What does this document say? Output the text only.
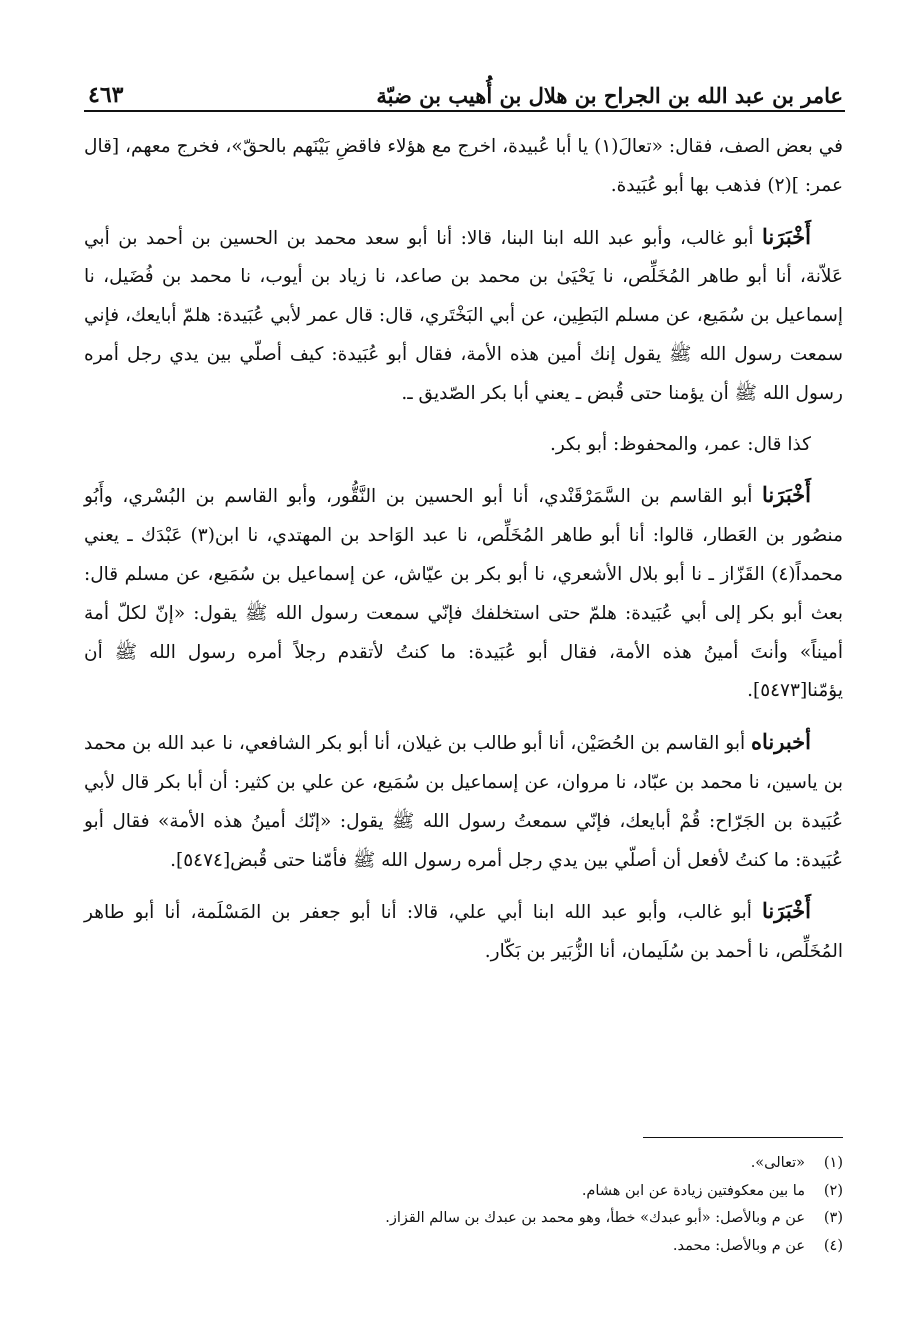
عامر بن عبد الله بن الجراح بن هلال بن أُهيب بن ضبّة
٤٦٣

في بعض الصف، فقال: «تعالَ(١) يا أبا عُبيدة، اخرج مع هؤلاء فاقضِ بَيْنَهم بالحقّ»، فخرج معهم، [قال عمر: ](٢) فذهب بها أبو عُبَيدة.

أَخْبَرَنا أبو غالب، وأبو عبد الله ابنا البنا، قالا: أنا أبو سعد محمد بن الحسين بن أحمد بن أبي عَلاّنة، أنا أبو طاهر المُخَلِّص، نا يَحْيَىٰ بن محمد بن صاعد، نا زياد بن أيوب، نا محمد بن فُضَيل، نا إسماعيل بن سُمَيع، عن مسلم البَطِين، عن أبي البَخْتَري، قال: قال عمر لأبي عُبَيدة: هلمّ أبايعك، فإني سمعت رسول الله ﷺ يقول إنك أمين هذه الأمة، فقال أبو عُبَيدة: كيف أصلّي بين يدي رجل أمره رسول الله ﷺ أن يؤمنا حتى قُبض ـ يعني أبا بكر الصّديق ـ.

كذا قال: عمر، والمحفوظ: أبو بكر.

أَخْبَرَنا أبو القاسم بن السَّمَرْقَنْدي، أنا أبو الحسين بن النَّقُّور، وأبو القاسم بن البُسْري، وأَبُو منصُور بن العَطار، قالوا: أنا أبو طاهر المُخَلِّص، نا عبد الوَاحد بن المهتدي، نا ابن(٣) عَبْدَك ـ يعني محمداً(٤) القَزّاز ـ نا أبو بلال الأشعري، نا أبو بكر بن عيّاش، عن إسماعيل بن سُمَيع، عن مسلم قال: بعث أبو بكر إلى أبي عُبَيدة: هلمّ حتى استخلفك فإنّي سمعت رسول الله ﷺ يقول: «إنّ لكلّ أمة أميناً» وأنتَ أمينُ هذه الأمة، فقال أبو عُبَيدة: ما كنتُ لأتقدم رجلاً أمره رسول الله ﷺ أن يؤمّنا[٥٤٧٣].

أخبرناه أبو القاسم بن الحُصَيْن، أنا أبو طالب بن غيلان، أنا أبو بكر الشافعي، نا عبد الله بن محمد بن ياسين، نا محمد بن عبّاد، نا مروان، عن إسماعيل بن سُمَيع، عن علي بن كثير: أن أبا بكر قال لأبي عُبَيدة بن الجَرّاح: قُمْ أبايعك، فإنّي سمعتُ رسول الله ﷺ يقول: «إنّك أمينُ هذه الأمة» فقال أبو عُبَيدة: ما كنتُ لأفعل أن أصلّي بين يدي رجل أمره رسول الله ﷺ فأمّنا حتى قُبض[٥٤٧٤].

أَخْبَرَنا أبو غالب، وأبو عبد الله ابنا أبي علي، قالا: أنا أبو جعفر بن المَسْلَمة، أنا أبو طاهر المُخَلِّص، نا أحمد بن سُلَيمان، أنا الزُّبَير بن بَكّار.

(١)
«تعالى».
(٢)
ما بين معكوفتين زيادة عن ابن هشام.
(٣)
عن م وبالأصل: «أبو عبدك» خطأ، وهو محمد بن عبدك بن سالم القزاز.
(٤)
عن م وبالأصل: محمد.
